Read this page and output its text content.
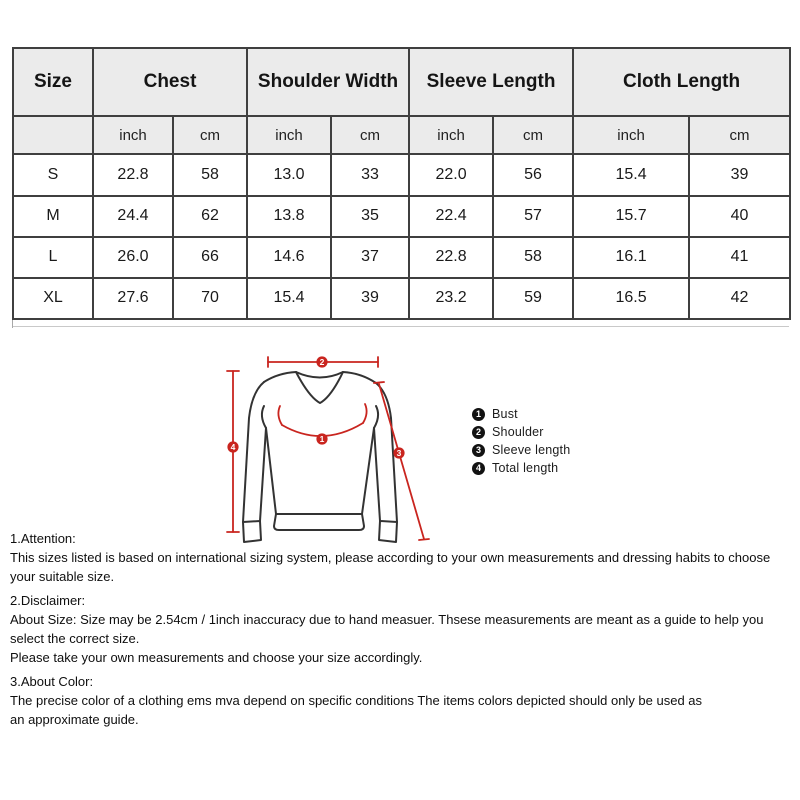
Size	Chest		Shoulder Width		Sleeve Length		Cloth Length	
	inch	cm	inch	cm	inch	cm	inch	cm
S	22.8	58	13.0	33	22.0	56	15.4	39
M	24.4	62	13.8	35	22.4	57	15.7	40
L	26.0	66	14.6	37	22.8	58	16.1	41
XL	27.6	70	15.4	39	23.2	59	16.5	42
1
2
3
4
1 Bust
2 Shoulder
3 Sleeve length
4 Total length

1.Attention:

This sizes listed is based on international sizing system, please according to your own measurements and dressing habits to choose your suitable size.

2.Disclaimer:

About Size: Size may be 2.54cm / 1inch inaccuracy due to hand measuer. Thsese measurements are meant as a guide to help you select the correct size.

Please take your own measurements and choose your size accordingly.

3.About Color:

The precise color of a clothing ems mva depend on specific conditions The items colors depicted should only be used as

an approximate guide.
